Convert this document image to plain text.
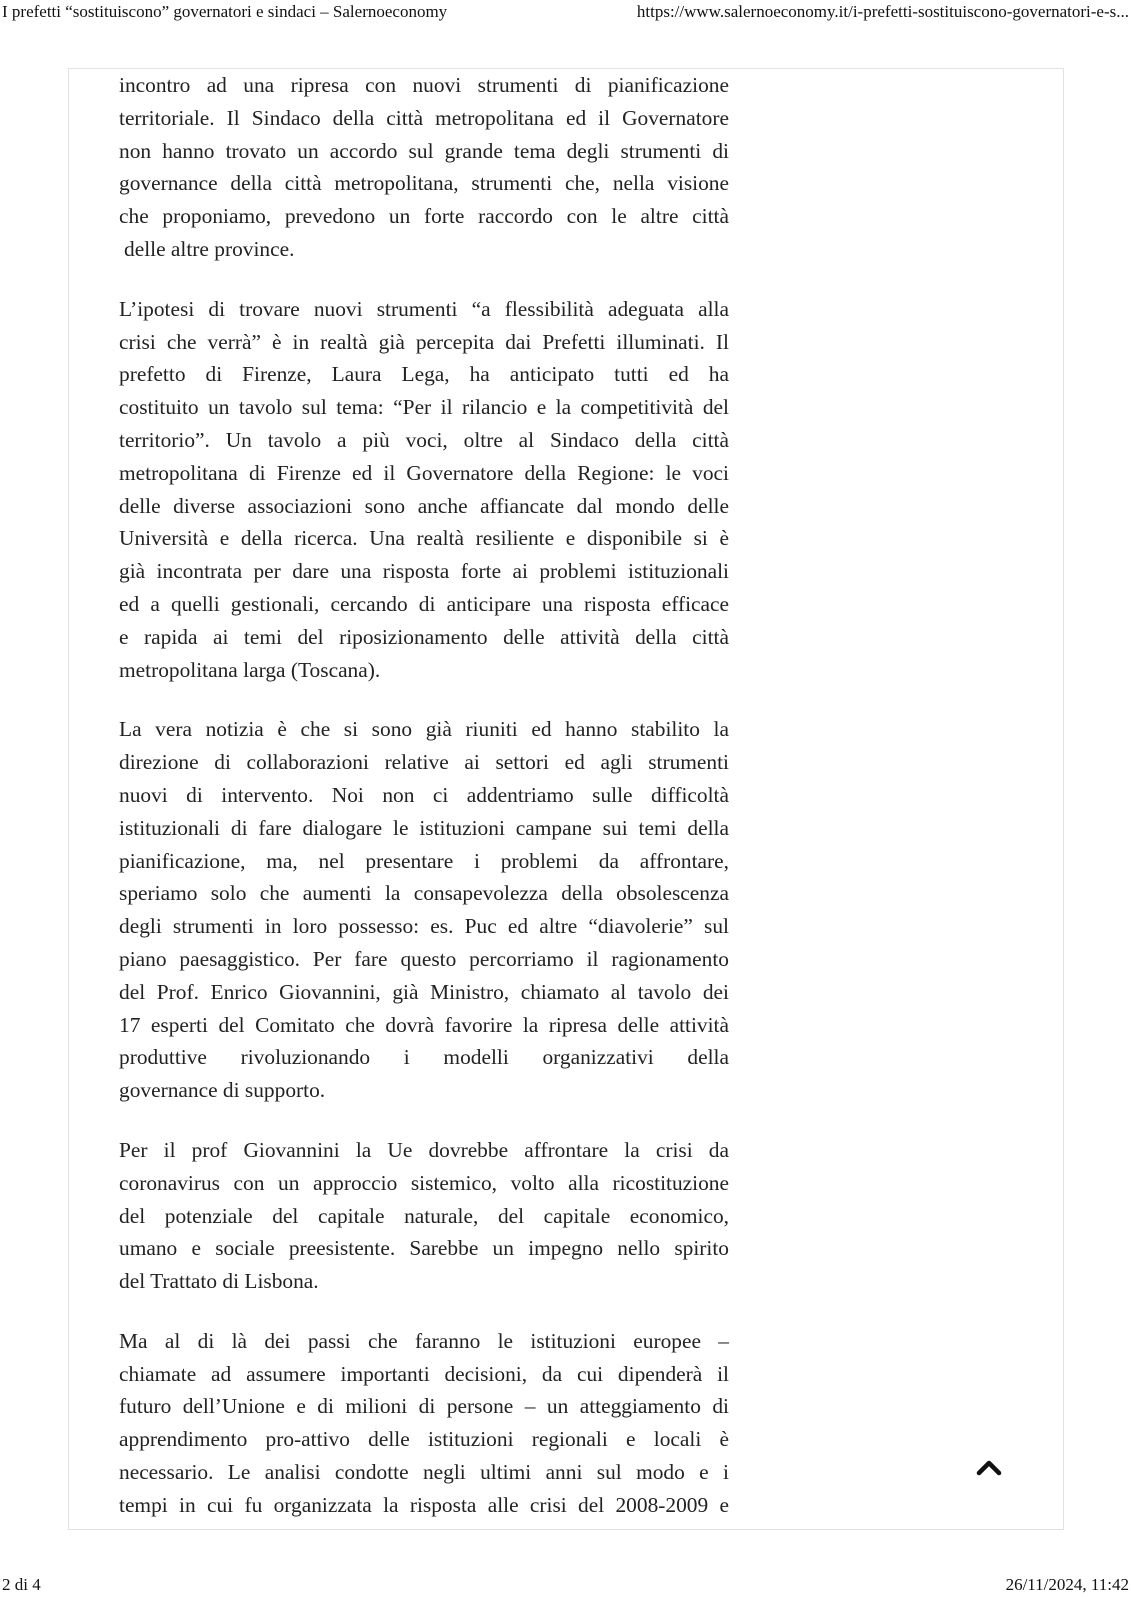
I prefetti “sostituiscono” governatori e sindaci – Salernoeconomy	https://www.salernoeconomy.it/i-prefetti-sostituiscono-governatori-e-s...

incontro ad una ripresa con nuovi strumenti di pianificazione
territoriale. Il Sindaco della città metropolitana ed il Governatore
non hanno trovato un accordo sul grande tema degli strumenti di
governance della città metropolitana, strumenti che, nella visione
che proponiamo, prevedono un forte raccordo con le altre città
delle altre province.

L’ipotesi di trovare nuovi strumenti “a flessibilità adeguata alla
crisi che verrà” è in realtà già percepita dai Prefetti illuminati. Il
prefetto di Firenze, Laura Lega, ha anticipato tutti ed ha
costituito un tavolo sul tema: “Per il rilancio e la competitività del
territorio”. Un tavolo a più voci, oltre al Sindaco della città
metropolitana di Firenze ed il Governatore della Regione: le voci
delle diverse associazioni sono anche affiancate dal mondo delle
Università e della ricerca. Una realtà resiliente e disponibile si è
già incontrata per dare una risposta forte ai problemi istituzionali
ed a quelli gestionali, cercando di anticipare una risposta efficace
e rapida ai temi del riposizionamento delle attività della città
metropolitana larga (Toscana).

La vera notizia è che si sono già riuniti ed hanno stabilito la
direzione di collaborazioni relative ai settori ed agli strumenti
nuovi di intervento. Noi non ci addentriamo sulle difficoltà
istituzionali di fare dialogare le istituzioni campane sui temi della
pianificazione, ma, nel presentare i problemi da affrontare,
speriamo solo che aumenti la consapevolezza della obsolescenza
degli strumenti in loro possesso: es. Puc ed altre “diavolerie” sul
piano paesaggistico. Per fare questo percorriamo il ragionamento
del Prof. Enrico Giovannini, già Ministro, chiamato al tavolo dei
17 esperti del Comitato che dovrà favorire la ripresa delle attività
produttive rivoluzionando i modelli organizzativi della
governance di supporto.

Per il prof Giovannini la Ue dovrebbe affrontare la crisi da
coronavirus con un approccio sistemico, volto alla ricostituzione
del potenziale del capitale naturale, del capitale economico,
umano e sociale preesistente. Sarebbe un impegno nello spirito
del Trattato di Lisbona.

Ma al di là dei passi che faranno le istituzioni europee –
chiamate ad assumere importanti decisioni, da cui dipenderà il
futuro dell’Unione e di milioni di persone – un atteggiamento di
apprendimento pro-attivo delle istituzioni regionali e locali è
necessario. Le analisi condotte negli ultimi anni sul modo e i
tempi in cui fu organizzata la risposta alle crisi del 2008-2009 e

2 di 4	26/11/2024, 11:42
